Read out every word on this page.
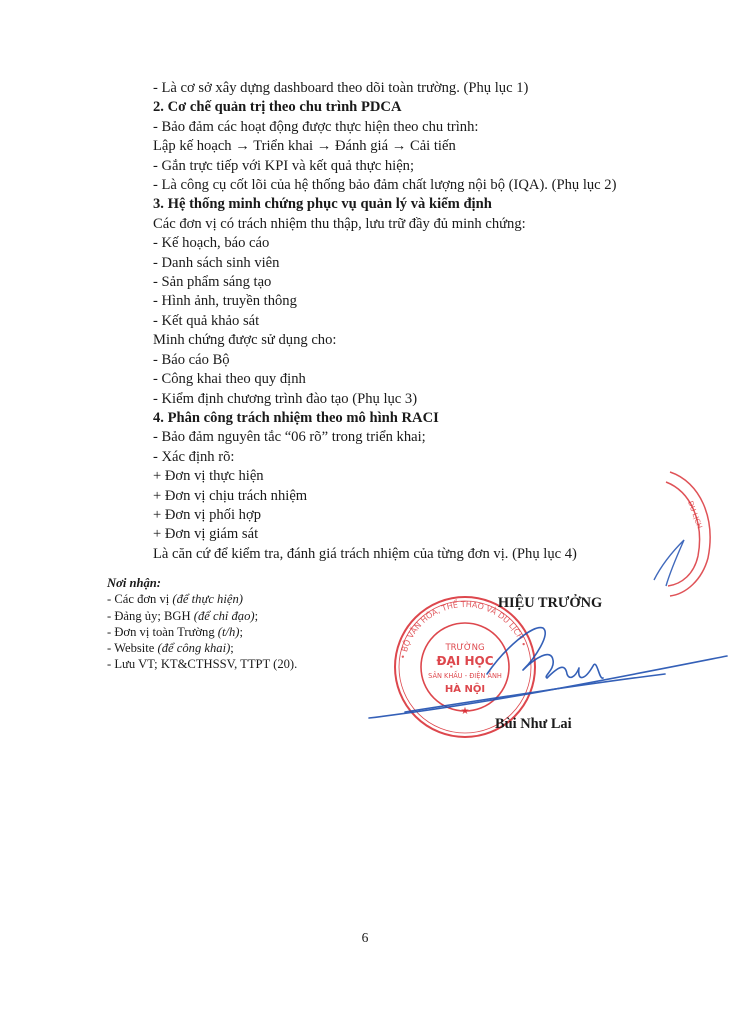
- Là cơ sở xây dựng dashboard theo dõi toàn trường. (Phụ lục 1)
2. Cơ chế quản trị theo chu trình PDCA
- Bảo đảm các hoạt động được thực hiện theo chu trình:
Lập kế hoạch → Triển khai → Đánh giá → Cải tiến
- Gắn trực tiếp với KPI và kết quả thực hiện;
- Là công cụ cốt lõi của hệ thống bảo đảm chất lượng nội bộ (IQA). (Phụ lục 2)
3. Hệ thống minh chứng phục vụ quản lý và kiểm định
Các đơn vị có trách nhiệm thu thập, lưu trữ đầy đủ minh chứng:
- Kế hoạch, báo cáo
- Danh sách sinh viên
- Sản phẩm sáng tạo
- Hình ảnh, truyền thông
- Kết quả khảo sát
Minh chứng được sử dụng cho:
- Báo cáo Bộ
- Công khai theo quy định
- Kiểm định chương trình đào tạo (Phụ lục 3)
4. Phân công trách nhiệm theo mô hình RACI
- Bảo đảm nguyên tắc “06 rõ” trong triển khai;
- Xác định rõ:
+ Đơn vị thực hiện
+ Đơn vị chịu trách nhiệm
+ Đơn vị phối hợp
+ Đơn vị giám sát
Là căn cứ để kiểm tra, đánh giá trách nhiệm của từng đơn vị. (Phụ lục 4)
Nơi nhận:
- Các đơn vị (để thực hiện)
- Đảng ủy; BGH (để chỉ đạo);
- Đơn vị toàn Trường (t/h);
- Website (để công khai);
- Lưu VT; KT&CTHSSV, TTPT (20).
• BỘ VĂN HÓA, THỂ THAO VÀ DU LỊCH •
TRƯỜNG
ĐẠI HỌC
SÂN KHẤU - ĐIỆN ẢNH
HÀ NỘI
★
DU LỊCH
HIỆU TRƯỞNG
Bùi Như Lai
6
